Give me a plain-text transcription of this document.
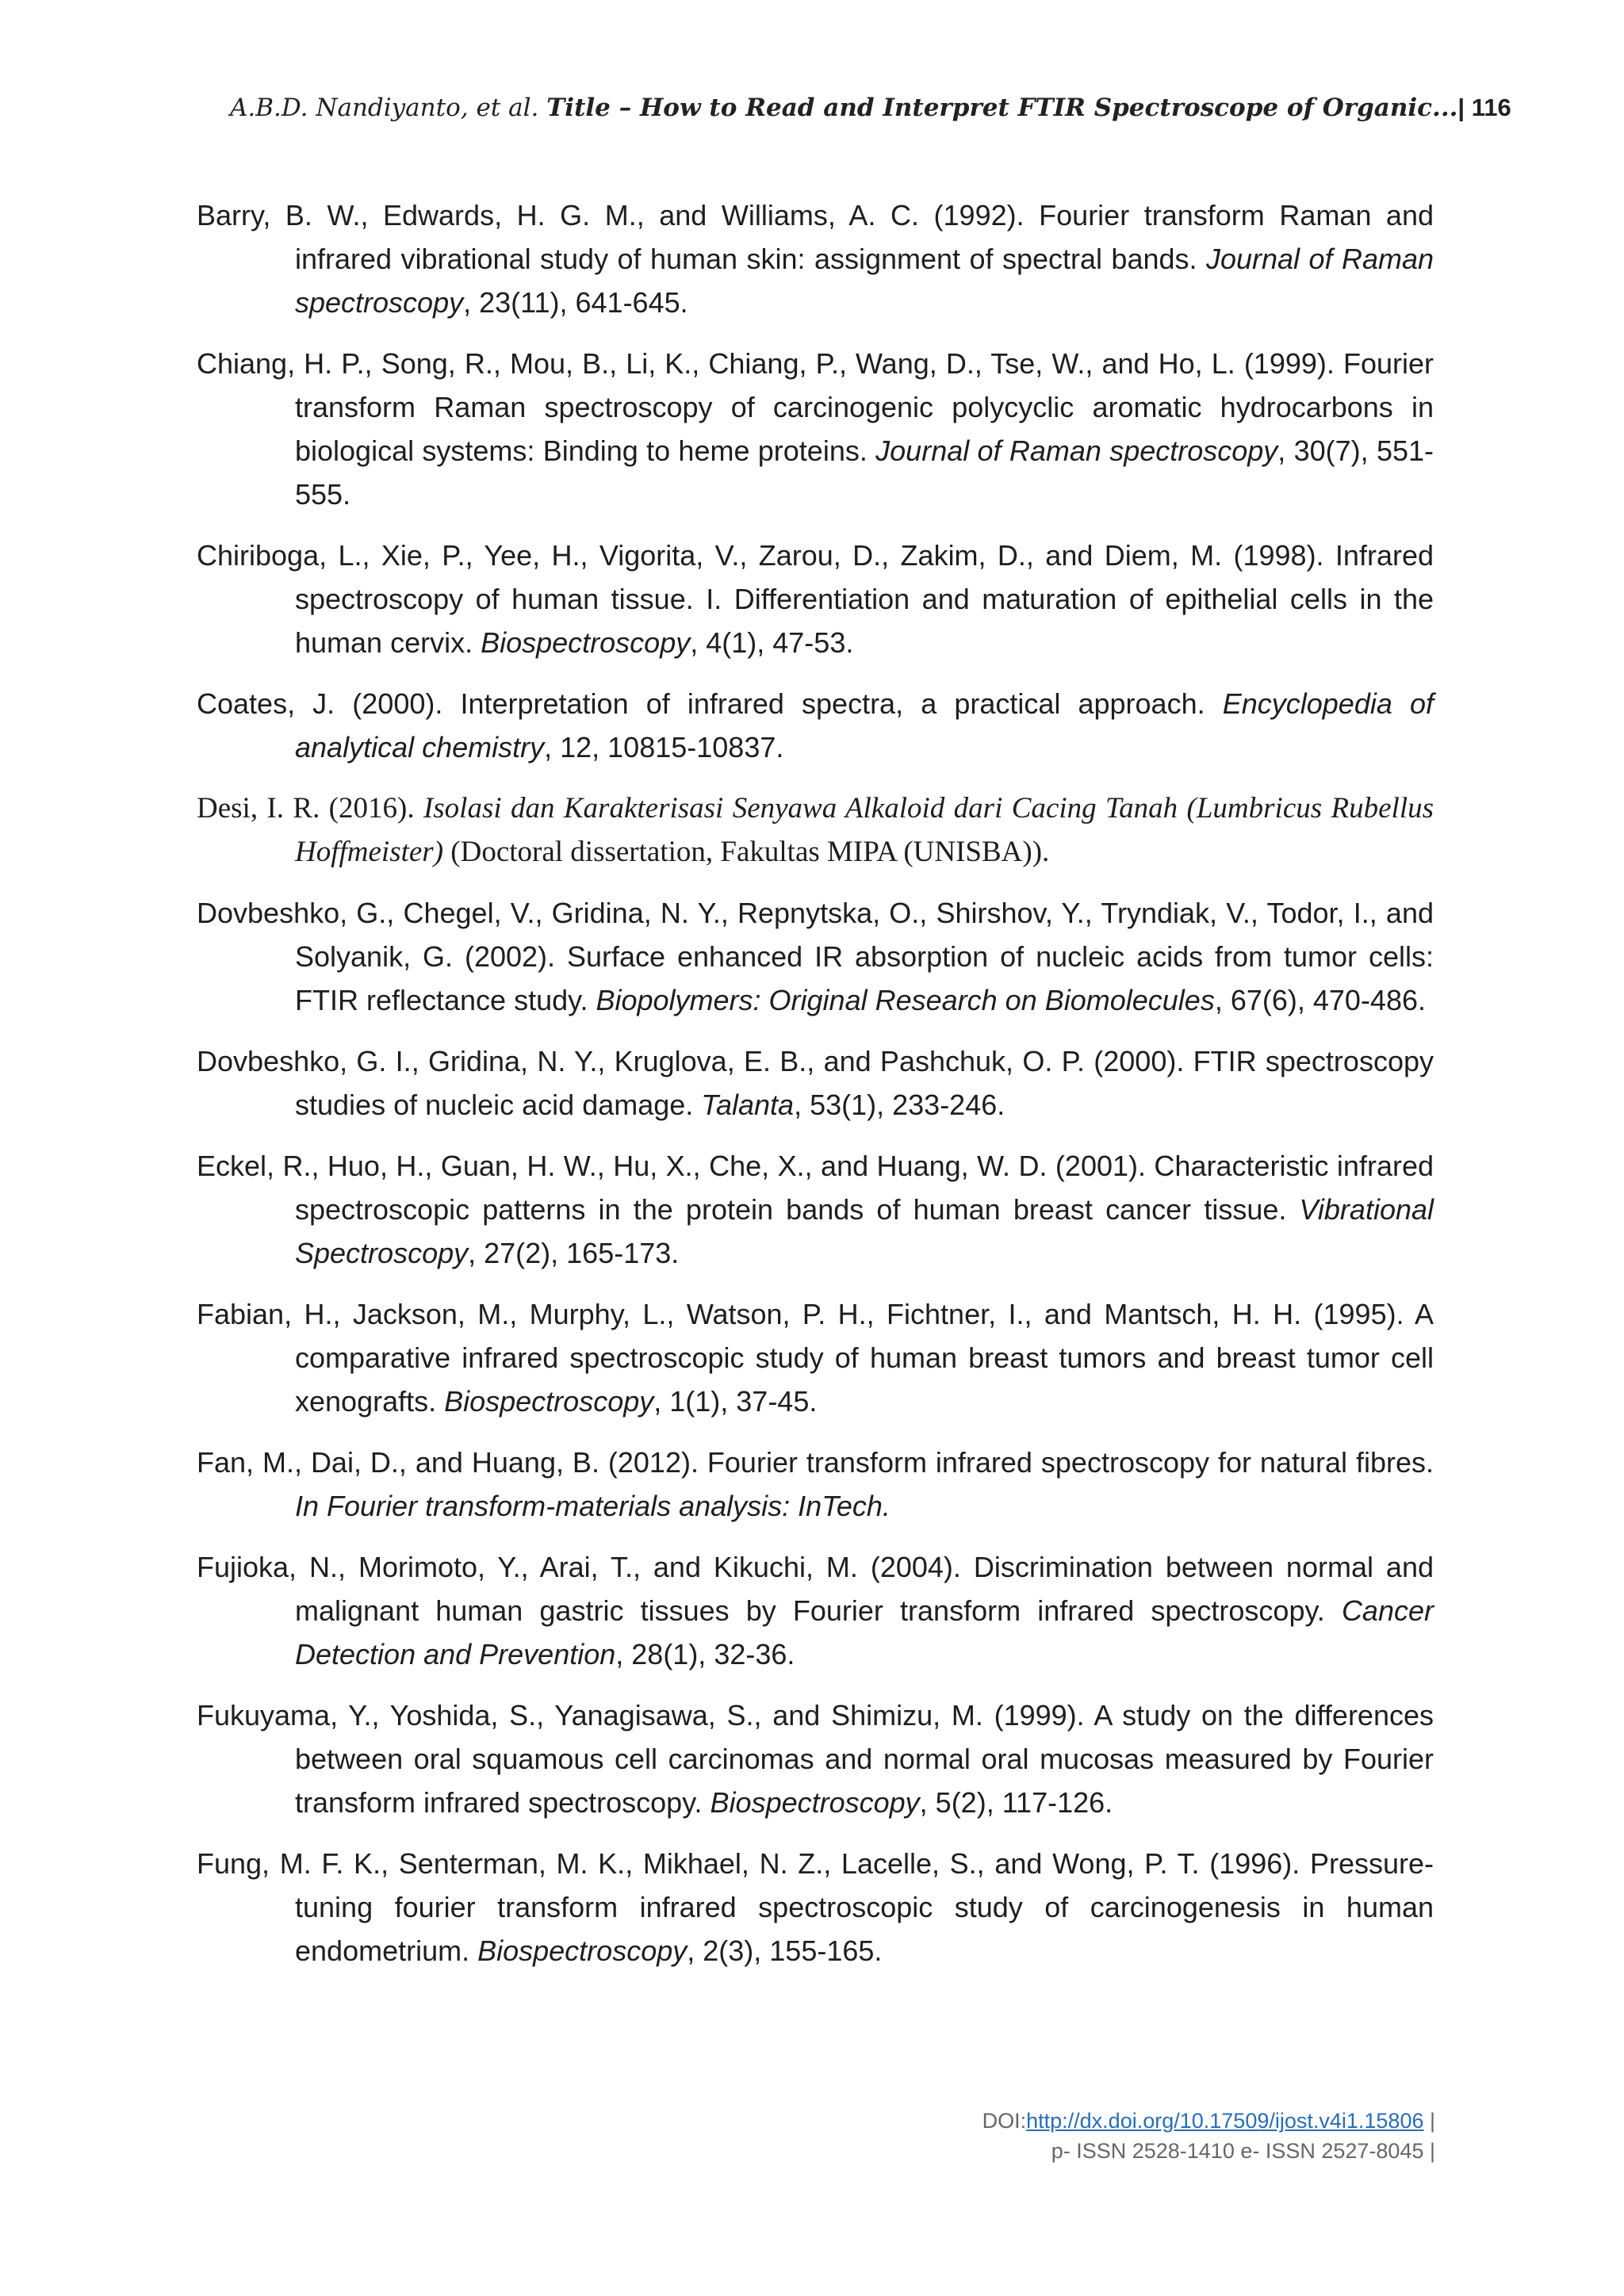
A.B.D. Nandiyanto, et al. Title – How to Read and Interpret FTIR Spectroscope of Organic...| 116

Barry, B. W., Edwards, H. G. M., and Williams, A. C. (1992). Fourier transform Raman and infrared vibrational study of human skin: assignment of spectral bands. Journal of Raman spectroscopy, 23(11), 641-645.

Chiang, H. P., Song, R., Mou, B., Li, K., Chiang, P., Wang, D., Tse, W., and Ho, L. (1999). Fourier transform Raman spectroscopy of carcinogenic polycyclic aromatic hydrocarbons in biological systems: Binding to heme proteins. Journal of Raman spectroscopy, 30(7), 551-555.

Chiriboga, L., Xie, P., Yee, H., Vigorita, V., Zarou, D., Zakim, D., and Diem, M. (1998). Infrared spectroscopy of human tissue. I. Differentiation and maturation of epithelial cells in the human cervix. Biospectroscopy, 4(1), 47-53.

Coates, J. (2000). Interpretation of infrared spectra, a practical approach. Encyclopedia of analytical chemistry, 12, 10815-10837.

Desi, I. R. (2016). Isolasi dan Karakterisasi Senyawa Alkaloid dari Cacing Tanah (Lumbricus Rubellus Hoffmeister) (Doctoral dissertation, Fakultas MIPA (UNISBA)).

Dovbeshko, G., Chegel, V., Gridina, N. Y., Repnytska, O., Shirshov, Y., Tryndiak, V., Todor, I., and Solyanik, G. (2002). Surface enhanced IR absorption of nucleic acids from tumor cells: FTIR reflectance study. Biopolymers: Original Research on Biomolecules, 67(6), 470-486.

Dovbeshko, G. I., Gridina, N. Y., Kruglova, E. B., and Pashchuk, O. P. (2000). FTIR spectroscopy studies of nucleic acid damage. Talanta, 53(1), 233-246.

Eckel, R., Huo, H., Guan, H. W., Hu, X., Che, X., and Huang, W. D. (2001). Characteristic infrared spectroscopic patterns in the protein bands of human breast cancer tissue. Vibrational Spectroscopy, 27(2), 165-173.

Fabian, H., Jackson, M., Murphy, L., Watson, P. H., Fichtner, I., and Mantsch, H. H. (1995). A comparative infrared spectroscopic study of human breast tumors and breast tumor cell xenografts. Biospectroscopy, 1(1), 37-45.

Fan, M., Dai, D., and Huang, B. (2012). Fourier transform infrared spectroscopy for natural fibres. In Fourier transform-materials analysis: InTech.

Fujioka, N., Morimoto, Y., Arai, T., and Kikuchi, M. (2004). Discrimination between normal and malignant human gastric tissues by Fourier transform infrared spectroscopy. Cancer Detection and Prevention, 28(1), 32-36.

Fukuyama, Y., Yoshida, S., Yanagisawa, S., and Shimizu, M. (1999). A study on the differences between oral squamous cell carcinomas and normal oral mucosas measured by Fourier transform infrared spectroscopy. Biospectroscopy, 5(2), 117-126.

Fung, M. F. K., Senterman, M. K., Mikhael, N. Z., Lacelle, S., and Wong, P. T. (1996). Pressure-tuning fourier transform infrared spectroscopic study of carcinogenesis in human endometrium. Biospectroscopy, 2(3), 155-165.

DOI:http://dx.doi.org/10.17509/ijost.v4i1.15806 |
p- ISSN 2528-1410 e- ISSN 2527-8045 |
